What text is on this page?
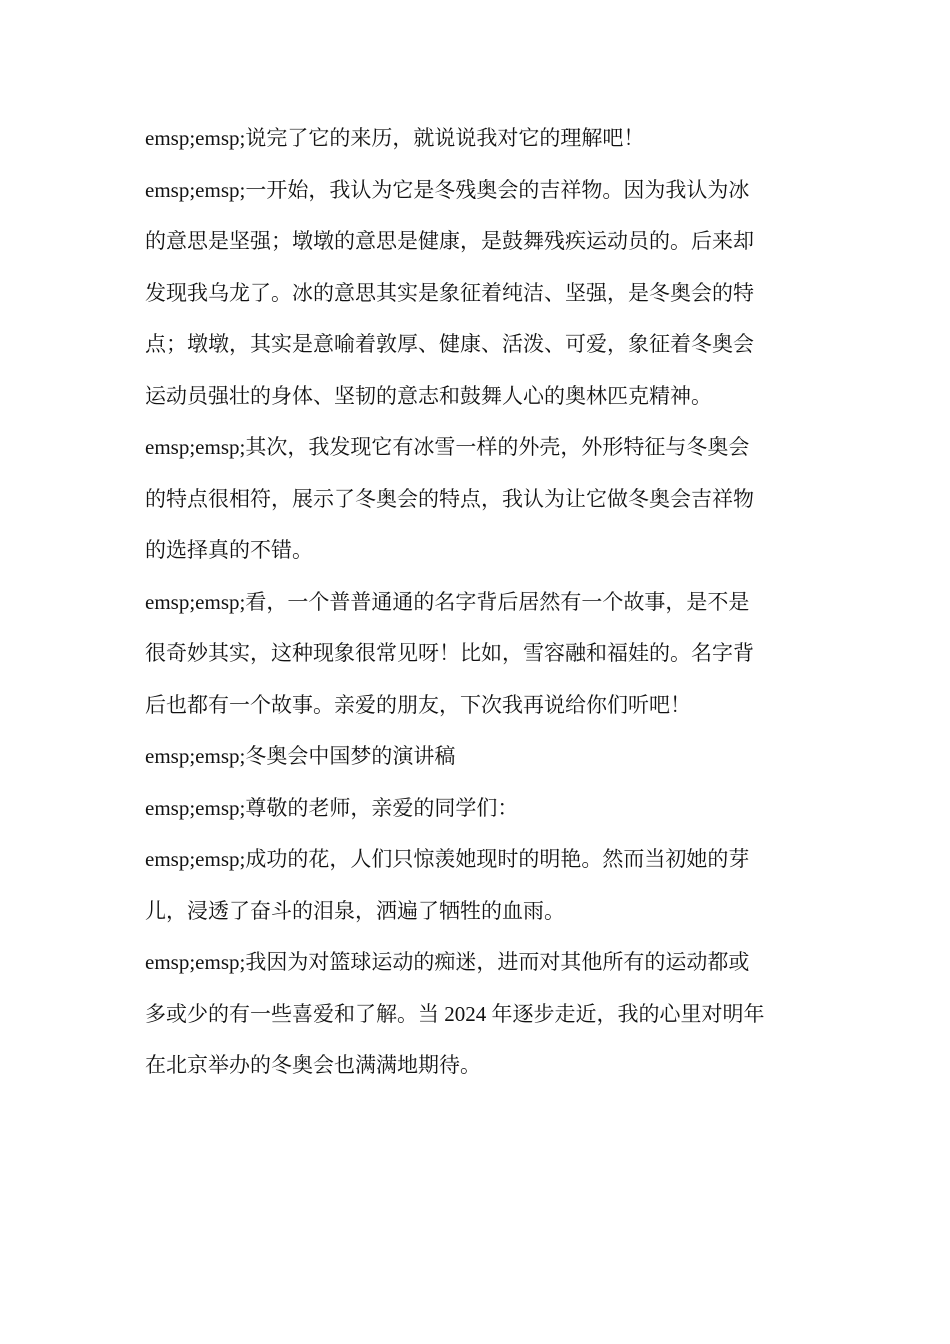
emsp;emsp;说完了它的来历，就说说我对它的理解吧！

emsp;emsp;一开始，我认为它是冬残奥会的吉祥物。因为我认为冰

的意思是坚强；墩墩的意思是健康，是鼓舞残疾运动员的。后来却

发现我乌龙了。冰的意思其实是象征着纯洁、坚强，是冬奥会的特

点；墩墩，其实是意喻着敦厚、健康、活泼、可爱，象征着冬奥会

运动员强壮的身体、坚韧的意志和鼓舞人心的奥林匹克精神。

emsp;emsp;其次，我发现它有冰雪一样的外壳，外形特征与冬奥会

的特点很相符，展示了冬奥会的特点，我认为让它做冬奥会吉祥物

的选择真的不错。

emsp;emsp;看，一个普普通通的名字背后居然有一个故事，是不是

很奇妙其实，这种现象很常见呀！比如，雪容融和福娃的。名字背

后也都有一个故事。亲爱的朋友，下次我再说给你们听吧！

emsp;emsp;冬奥会中国梦的演讲稿

emsp;emsp;尊敬的老师，亲爱的同学们：

emsp;emsp;成功的花，人们只惊羡她现时的明艳。然而当初她的芽

儿，浸透了奋斗的泪泉，洒遍了牺牲的血雨。

emsp;emsp;我因为对篮球运动的痴迷，进而对其他所有的运动都或

多或少的有一些喜爱和了解。当 2024 年逐步走近，我的心里对明年

在北京举办的冬奥会也满满地期待。
